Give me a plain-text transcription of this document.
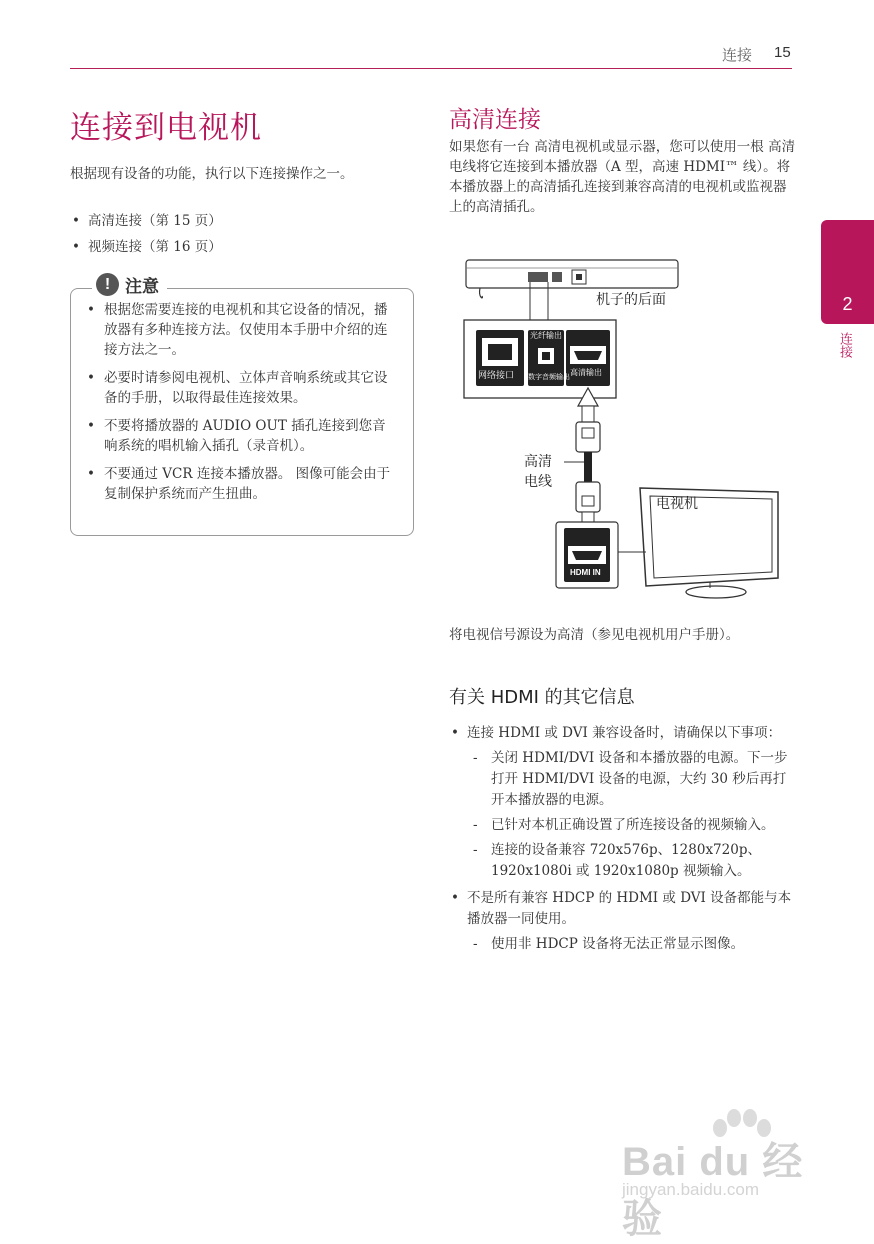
连接 15
2
连接
连接到电视机
根据现有设备的功能，执行以下连接操作之一。
• 高清连接（第 15 页）
• 视频连接（第 16 页）
! 注意
• 根据您需要连接的电视机和其它设备的情况，播放器有多种连接方法。仅使用本手册中介绍的连接方法之一。
• 必要时请参阅电视机、立体声音响系统或其它设备的手册，以取得最佳连接效果。
• 不要将播放器的 AUDIO OUT 插孔连接到您音响系统的唱机输入插孔（录音机）。
• 不要通过 VCR 连接本播放器。 图像可能会由于复制保护系统而产生扭曲。
高清连接
如果您有一台 高清电视机或显示器，您可以使用一根 高清电线将它连接到本播放器（A 型，高速 HDMI™ 线）。将本播放器上的高清插孔连接到兼容高清的电视机或监视器上的高清插孔。
机子的后面
网络接口
光纤输出
数字音频输出 高清输出
高清
电线
电视机
HDMI IN
将电视信号源设为高清（参见电视机用户手册）。
有关 HDMI 的其它信息
• 连接 HDMI 或 DVI 兼容设备时，请确保以下事项：
- 关闭 HDMI/DVI 设备和本播放器的电源。下一步打开 HDMI/DVI 设备的电源，大约 30 秒后再打开本播放器的电源。
- 已针对本机正确设置了所连接设备的视频输入。
- 连接的设备兼容 720x576p、1280x720p、1920x1080i 或 1920x1080p 视频输入。
• 不是所有兼容 HDCP 的 HDMI 或 DVI 设备都能与本播放器一同使用。
- 使用非 HDCP 设备将无法正常显示图像。
Bai du 经验
jingyan.baidu.com
